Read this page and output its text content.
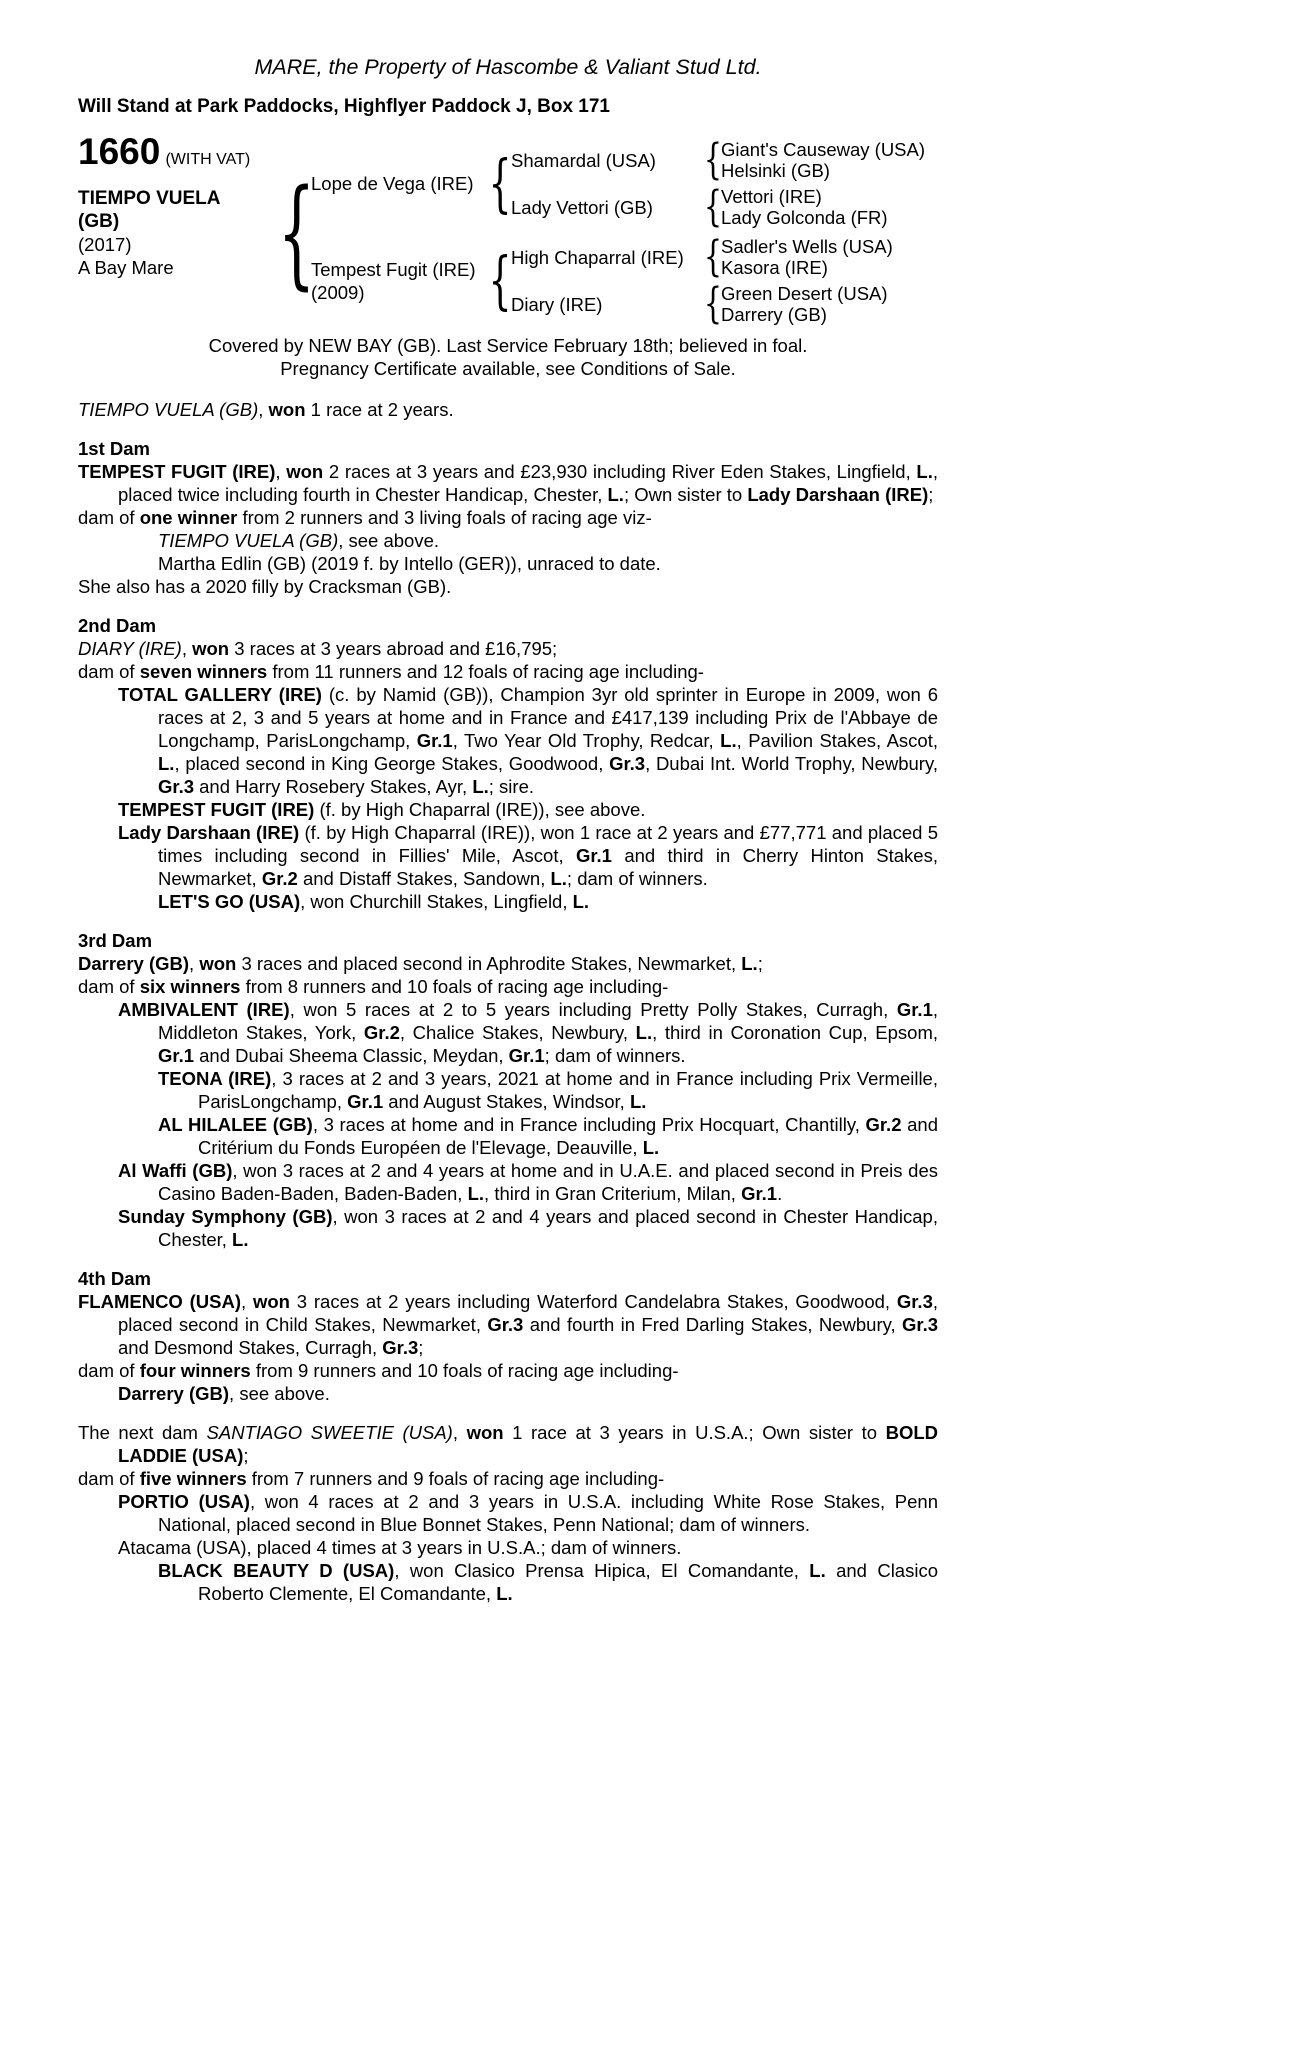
MARE, the Property of Hascombe & Valiant Stud Ltd.
Will Stand at Park Paddocks, Highflyer Paddock J, Box 171
1660 (WITH VAT)
TIEMPO VUELA
(GB)
(2017)
A Bay Mare
{
Lope de Vega (IRE)
{
Shamardal (USA) {	Giant's Causeway (USA)
Helsinki (GB)
Lady Vettori (GB) {	Vettori (IRE)
Lady Golconda (FR)
Tempest Fugit (IRE)
(2009)
{
High Chaparral (IRE) {	Sadler's Wells (USA)
Kasora (IRE)
Diary (IRE) {	Green Desert (USA)
Darrery (GB)
Covered by NEW BAY (GB). Last Service February 18th; believed in foal.
Pregnancy Certificate available, see Conditions of Sale.

TIEMPO VUELA (GB), won 1 race at 2 years.

1st Dam

TEMPEST FUGIT (IRE), won 2 races at 3 years and £23,930 including River Eden Stakes, Lingfield, L., placed twice including fourth in Chester Handicap, Chester, L.; Own sister to Lady Darshaan (IRE);

dam of one winner from 2 runners and 3 living foals of racing age viz-

TIEMPO VUELA (GB), see above.

Martha Edlin (GB) (2019 f. by Intello (GER)), unraced to date.

She also has a 2020 filly by Cracksman (GB).

2nd Dam

DIARY (IRE), won 3 races at 3 years abroad and £16,795;

dam of seven winners from 11 runners and 12 foals of racing age including-

TOTAL GALLERY (IRE) (c. by Namid (GB)), Champion 3yr old sprinter in Europe in 2009, won 6 races at 2, 3 and 5 years at home and in France and £417,139 including Prix de l'Abbaye de Longchamp, ParisLongchamp, Gr.1, Two Year Old Trophy, Redcar, L., Pavilion Stakes, Ascot, L., placed second in King George Stakes, Goodwood, Gr.3, Dubai Int. World Trophy, Newbury, Gr.3 and Harry Rosebery Stakes, Ayr, L.; sire.

TEMPEST FUGIT (IRE) (f. by High Chaparral (IRE)), see above.

Lady Darshaan (IRE) (f. by High Chaparral (IRE)), won 1 race at 2 years and £77,771 and placed 5 times including second in Fillies' Mile, Ascot, Gr.1 and third in Cherry Hinton Stakes, Newmarket, Gr.2 and Distaff Stakes, Sandown, L.; dam of winners.

LET'S GO (USA), won Churchill Stakes, Lingfield, L.

3rd Dam

Darrery (GB), won 3 races and placed second in Aphrodite Stakes, Newmarket, L.;

dam of six winners from 8 runners and 10 foals of racing age including-

AMBIVALENT (IRE), won 5 races at 2 to 5 years including Pretty Polly Stakes, Curragh, Gr.1, Middleton Stakes, York, Gr.2, Chalice Stakes, Newbury, L., third in Coronation Cup, Epsom, Gr.1 and Dubai Sheema Classic, Meydan, Gr.1; dam of winners.

TEONA (IRE), 3 races at 2 and 3 years, 2021 at home and in France including Prix Vermeille, ParisLongchamp, Gr.1 and August Stakes, Windsor, L.

AL HILALEE (GB), 3 races at home and in France including Prix Hocquart, Chantilly, Gr.2 and Critérium du Fonds Européen de l'Elevage, Deauville, L.

Al Waffi (GB), won 3 races at 2 and 4 years at home and in U.A.E. and placed second in Preis des Casino Baden-Baden, Baden-Baden, L., third in Gran Criterium, Milan, Gr.1.

Sunday Symphony (GB), won 3 races at 2 and 4 years and placed second in Chester Handicap, Chester, L.

4th Dam

FLAMENCO (USA), won 3 races at 2 years including Waterford Candelabra Stakes, Goodwood, Gr.3, placed second in Child Stakes, Newmarket, Gr.3 and fourth in Fred Darling Stakes, Newbury, Gr.3 and Desmond Stakes, Curragh, Gr.3;

dam of four winners from 9 runners and 10 foals of racing age including-

Darrery (GB), see above.

The next dam SANTIAGO SWEETIE (USA), won 1 race at 3 years in U.S.A.; Own sister to BOLD LADDIE (USA);

dam of five winners from 7 runners and 9 foals of racing age including-

PORTIO (USA), won 4 races at 2 and 3 years in U.S.A. including White Rose Stakes, Penn National, placed second in Blue Bonnet Stakes, Penn National; dam of winners.

Atacama (USA), placed 4 times at 3 years in U.S.A.; dam of winners.

BLACK BEAUTY D (USA), won Clasico Prensa Hipica, El Comandante, L. and Clasico Roberto Clemente, El Comandante, L.
